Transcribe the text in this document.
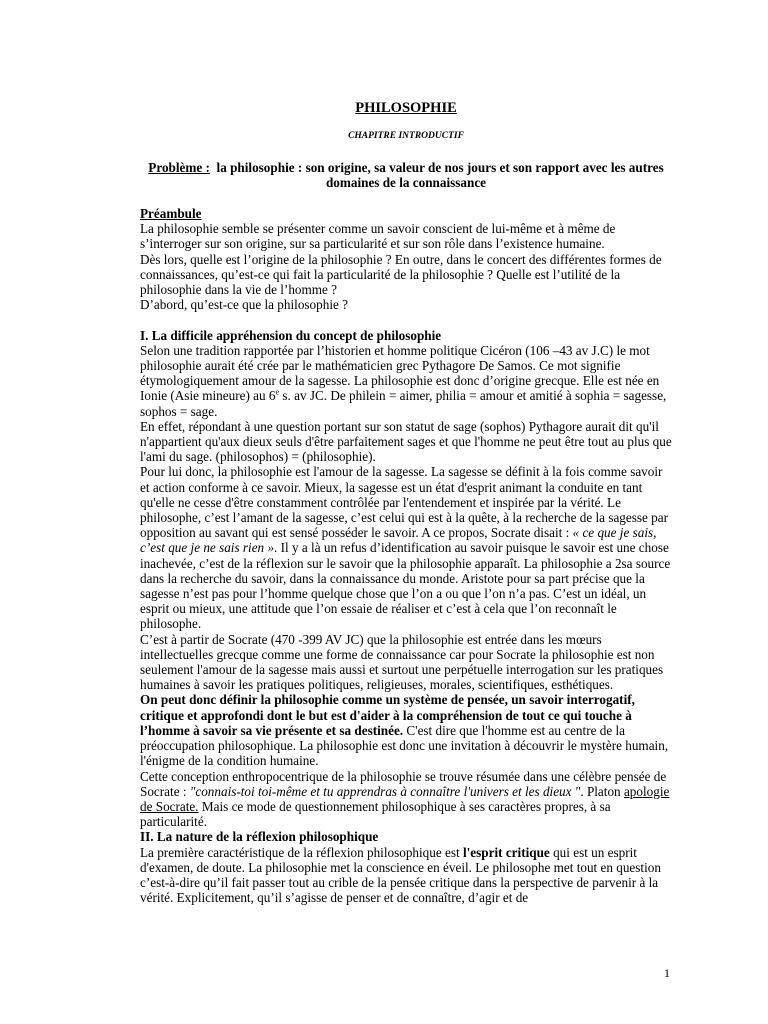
PHILOSOPHIE

CHAPITRE INTRODUCTIF

Problème : la philosophie : son origine, sa valeur de nos jours et son rapport avec les autres domaines de la connaissance

Préambule

La philosophie semble se présenter comme un savoir conscient de lui-même et à même de s’interroger sur son origine, sur sa particularité et sur son rôle dans l’existence humaine.

Dès lors, quelle est l’origine de la philosophie ? En outre, dans le concert des différentes formes de connaissances, qu’est-ce qui fait la particularité de la philosophie ? Quelle est l’utilité de la philosophie dans la vie de l’homme ?

D’abord, qu’est-ce que la philosophie ?

I. La difficile appréhension du concept de philosophie

Selon une tradition rapportée par l’historien et homme politique Cicéron (106 –43 av J.C) le mot philosophie aurait été crée par le mathématicien grec Pythagore De Samos. Ce mot signifie étymologiquement amour de la sagesse. La philosophie est donc d’origine grecque. Elle est née en Ionie (Asie mineure) au 6e s. av JC. De philein = aimer, philia = amour et amitié à sophia = sagesse, sophos = sage.

En effet, répondant à une question portant sur son statut de sage (sophos) Pythagore aurait dit qu'il n'appartient qu'aux dieux seuls d'être parfaitement sages et que l'homme ne peut être tout au plus que l'ami du sage. (philosophos) = (philosophie).

Pour lui donc, la philosophie est l'amour de la sagesse. La sagesse se définit à la fois comme savoir et action conforme à ce savoir. Mieux, la sagesse est un état d'esprit animant la conduite en tant qu'elle ne cesse d'être constamment contrôlée par l'entendement et inspirée par la vérité. Le philosophe, c’est l’amant de la sagesse, c’est celui qui est à la quête, à la recherche de la sagesse par opposition au savant qui est sensé posséder le savoir. A ce propos, Socrate disait : « ce que je sais, c’est que je ne sais rien ». Il y a là un refus d’identification au savoir puisque le savoir est une chose inachevée, c’est de la réflexion sur le savoir que la philosophie apparaît. La philosophie a 2sa source dans la recherche du savoir, dans la connaissance du monde. Aristote pour sa part précise que la sagesse n’est pas pour l’homme quelque chose que l’on a ou que l’on n’a pas. C’est un idéal, un esprit ou mieux, une attitude que l’on essaie de réaliser et c’est à cela que l’on reconnaît le philosophe.

C’est à partir de Socrate (470 -399 AV JC) que la philosophie est entrée dans les mœurs intellectuelles grecque comme une forme de connaissance car pour Socrate la philosophie est non seulement l'amour de la sagesse mais aussi et surtout une perpétuelle interrogation sur les pratiques humaines à savoir les pratiques politiques, religieuses, morales, scientifiques, esthétiques.

On peut donc définir la philosophie comme un système de pensée, un savoir interrogatif, critique et approfondi dont le but est d'aider à la compréhension de tout ce qui touche à l’homme à savoir sa vie présente et sa destinée. C'est dire que l'homme est au centre de la préoccupation philosophique. La philosophie est donc une invitation à découvrir le mystère humain, l'énigme de la condition humaine.

Cette conception enthropocentrique de la philosophie se trouve résumée dans une célèbre pensée de Socrate : "connais-toi toi-même et tu apprendras à connaître l'univers et les dieux ". Platon apologie de Socrate. Mais ce mode de questionnement philosophique à ses caractères propres, à sa particularité.

II. La nature de la réflexion philosophique

La première caractéristique de la réflexion philosophique est l'esprit critique qui est un esprit d'examen, de doute. La philosophie met la conscience en éveil. Le philosophe met tout en question c’est-à-dire qu’il fait passer tout au crible de la pensée critique dans la perspective de parvenir à la vérité. Explicitement, qu’il s’agisse de penser et de connaître, d’agir et de

1
